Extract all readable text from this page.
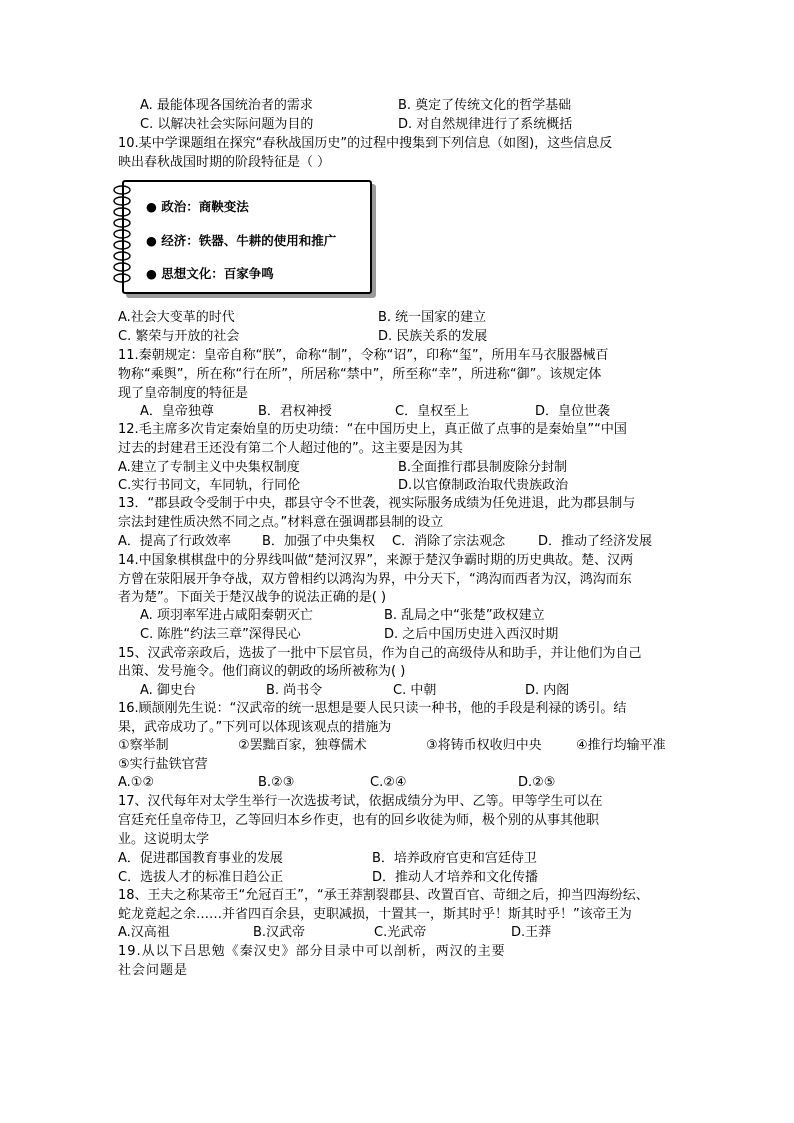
A. 最能体现各国统治者的需求	B. 奠定了传统文化的哲学基础
C. 以解决社会实际问题为目的	D. 对自然规律进行了系统概括
10.某中学课题组在探究“春秋战国历史”的过程中搜集到下列信息（如图)，这些信息反
映出春秋战国时期的阶段特征是（ ）
● 政治：商鞅变法
● 经济：铁器、牛耕的使用和推广
● 思想文化：百家争鸣
A.社会大变革的时代	B. 统一国家的建立
C. 繁荣与开放的社会	D. 民族关系的发展
11.秦朝规定：皇帝自称“朕”，命称“制”，令称“诏”，印称“玺”，所用车马衣服器械百
物称“乘舆”，所在称“行在所”，所居称“禁中”，所至称“幸”，所进称“御”。该规定体
现了皇帝制度的特征是
A．皇帝独尊	B．君权神授	C．皇权至上	D．皇位世袭
12.毛主席多次肯定秦始皇的历史功绩：“在中国历史上，真正做了点事的是秦始皇”“中国
过去的封建君王还没有第二个人超过他的”。这主要是因为其
A.建立了专制主义中央集权制度	B.全面推行郡县制废除分封制
C.实行书同文，车同轨，行同伦	D.以官僚制政治取代贵族政治
13．“郡县政令受制于中央，郡县守令不世袭，视实际服务成绩为任免进退，此为郡县制与
宗法封建性质决然不同之点。”材料意在强调郡县制的设立
A．提高了行政效率 B．加强了中央集权 C．消除了宗法观念	D．推动了经济发展
14.中国象棋棋盘中的分界线叫做“楚河汉界”，来源于楚汉争霸时期的历史典故。楚、汉两
方曾在荥阳展开争夺战，双方曾相约以鸿沟为界，中分天下，“鸿沟而西者为汉，鸿沟而东
者为楚”。下面关于楚汉战争的说法正确的是( )
A. 项羽率军进占咸阳秦朝灭亡	B. 乱局之中“张楚”政权建立
C. 陈胜“约法三章”深得民心	D. 之后中国历史进入西汉时期
15、汉武帝亲政后，选拔了一批中下层官员，作为自己的高级侍从和助手，并让他们为自己
出策、发号施令。他们商议的朝政的场所被称为( )
A. 御史台	B. 尚书令	C. 中朝	D. 内阁
16.顾颉刚先生说：“汉武帝的统一思想是要人民只读一种书，他的手段是利禄的诱引。结
果，武帝成功了。”下列可以体现该观点的措施为
①察举制	②罢黜百家，独尊儒术	③将铸币权收归中央	④推行均输平准
⑤实行盐铁官营
A.①②	B.②③	C.②④	D.②⑤
17、汉代每年对太学生举行一次选拔考试，依据成绩分为甲、乙等。甲等学生可以在
宫廷充任皇帝侍卫，乙等回归本乡作吏，也有的回乡收徒为师，极个别的从事其他职
业。这说明太学
A．促进郡国教育事业的发展	B．培养政府官吏和宫廷侍卫
C．选拔人才的标准日趋公正	D．推动人才培养和文化传播
18、王夫之称某帝王“允冠百王”，“承王莽割裂郡县、改置百官、苛细之后，抑当四海纷纭、
蛇龙竟起之余……并省四百余县，吏职减损，十置其一，斯其时乎！斯其时乎！”该帝王为
A.汉高祖	B.汉武帝	C.光武帝	D.王莽
19.从以下吕思勉《秦汉史》部分目录中可以剖析，两汉的主要
社会问题是
